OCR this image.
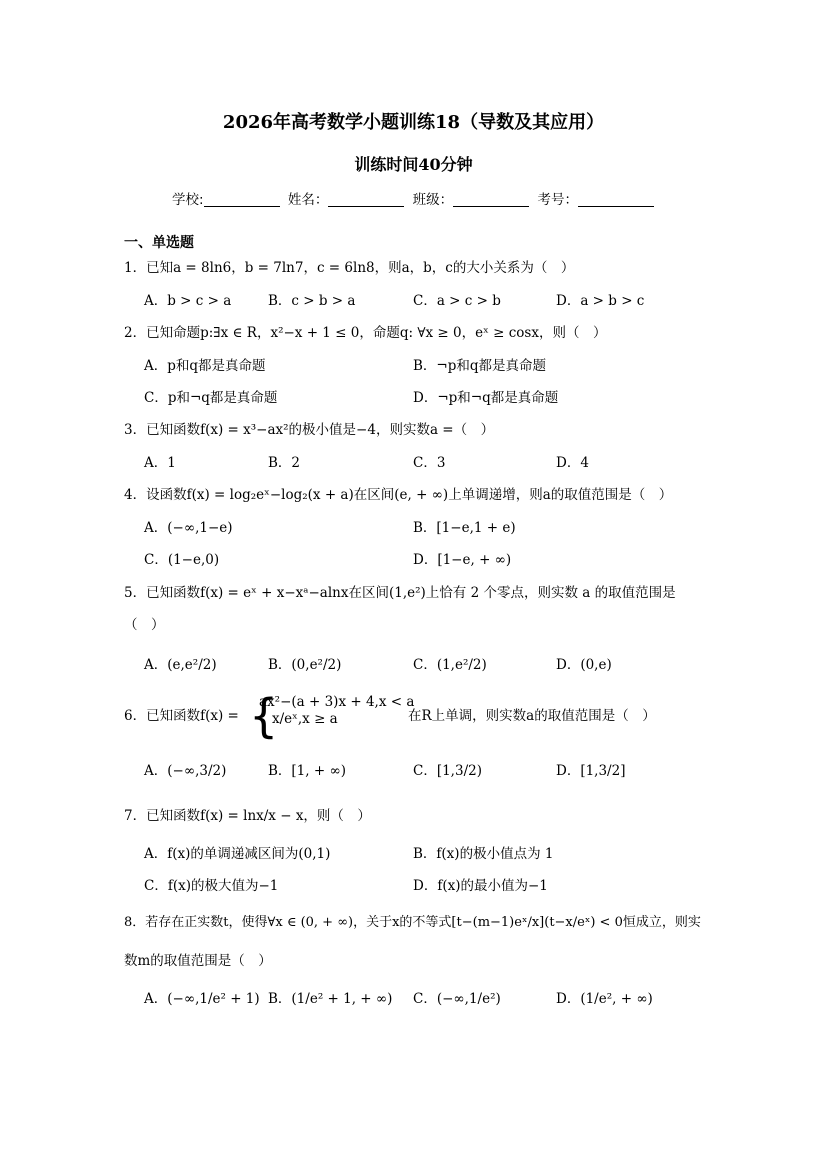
2026年高考数学小题训练18（导数及其应用）
训练时间40分钟
学校:	姓名：	班级：	考号：
一、单选题
1．已知a = 8ln6，b = 7ln7，c = 6ln8，则a，b，c的大小关系为（　）
A．b > c > a	B．c > b > a	C．a > c > b	D．a > b > c
2．已知命题p:∃x ∈ R，x²−x + 1 ≤ 0，命题q: ∀x ≥ 0，eˣ ≥ cosx，则（　）
A．p和q都是真命题	B．¬p和q都是真命题
C．p和¬q都是真命题	D．¬p和¬q都是真命题
3．已知函数f(x) = x³−ax²的极小值是−4，则实数a =（　）
A．1	B．2	C．3	D．4
4．设函数f(x) = log₂eˣ−log₂(x + a)在区间(e, + ∞)上单调递增，则a的取值范围是（　）
A．(−∞,1−e)	B．[1−e,1 + e)
C．(1−e,0)	D．[1−e, + ∞)
5．已知函数f(x) = eˣ + x−xᵃ−alnx在区间(1,e²)上恰有 2 个零点，则实数 a 的取值范围是
（　）
A．(e,e²/2)	B．(0,e²/2)	C．(1,e²/2)	D．(0,e)
6．已知函数f(x) = {
ax²−(a + 3)x + 4,x < a
x/eˣ,x ≥ a	在R上单调，则实数a的取值范围是（　）
A．(−∞,3/2)	B．[1, + ∞)	C．[1,3/2)	D．[1,3/2]
7．已知函数f(x) = lnx/x − x，则（　）
A．f(x)的单调递减区间为(0,1)	B．f(x)的极小值点为 1
C．f(x)的极大值为−1	D．f(x)的最小值为−1
8．若存在正实数t，使得∀x ∈ (0, + ∞)，关于x的不等式[t−(m−1)eˣ/x](t−x/eˣ) < 0恒成立，则实
数m的取值范围是（　）
A．(−∞,1/e² + 1) B．(1/e² + 1, + ∞) C．(−∞,1/e²)	D．(1/e², + ∞)
